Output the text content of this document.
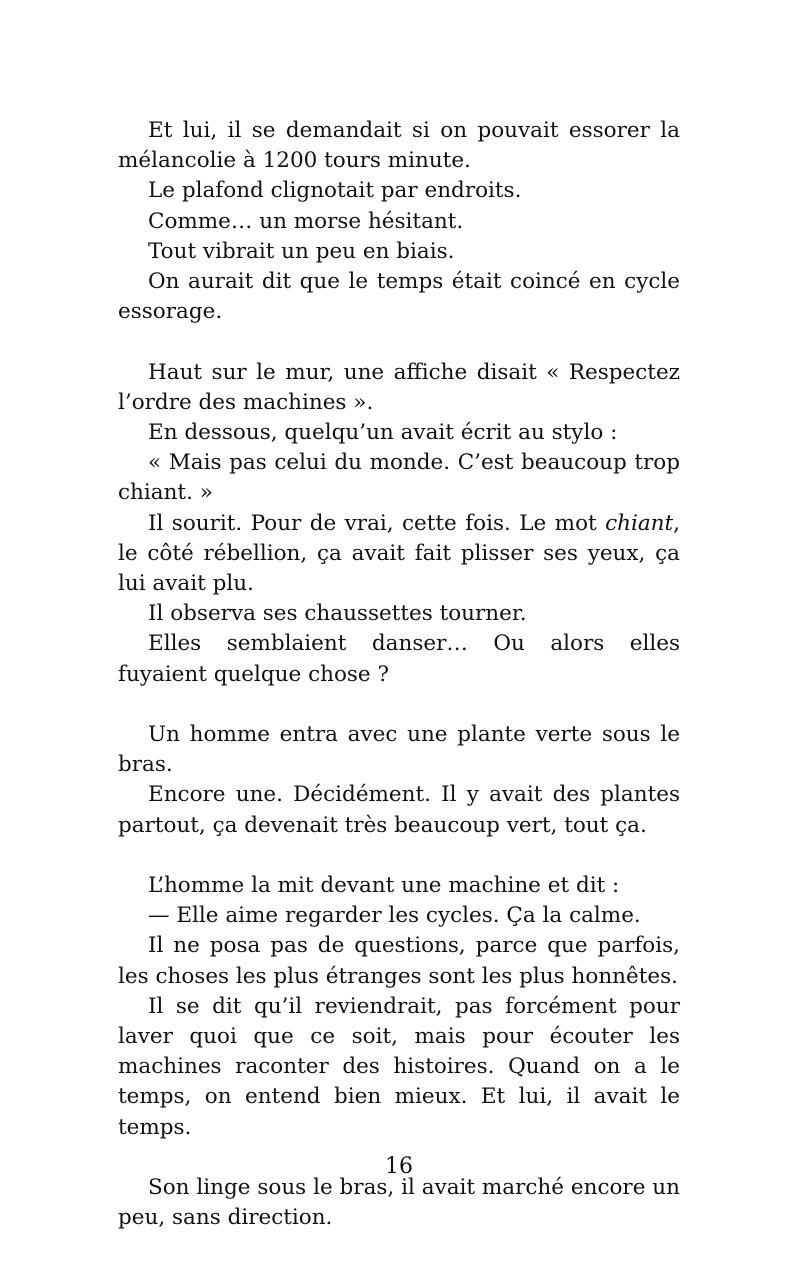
Et lui, il se demandait si on pouvait essorer la mélancolie à 1200 tours minute.

Le plafond clignotait par endroits.

Comme… un morse hésitant.

Tout vibrait un peu en biais.

On aurait dit que le temps était coincé en cycle essorage.

Haut sur le mur, une affiche disait « Respectez l’ordre des machines ».

En dessous, quelqu’un avait écrit au stylo :

« Mais pas celui du monde. C’est beaucoup trop chiant. »

Il sourit. Pour de vrai, cette fois. Le mot chiant, le côté rébellion, ça avait fait plisser ses yeux, ça lui avait plu.

Il observa ses chaussettes tourner.

Elles semblaient danser… Ou alors elles fuyaient quelque chose ?

Un homme entra avec une plante verte sous le bras.

Encore une. Décidément. Il y avait des plantes partout, ça devenait très beaucoup vert, tout ça.

L’homme la mit devant une machine et dit :

— Elle aime regarder les cycles. Ça la calme.

Il ne posa pas de questions, parce que parfois, les choses les plus étranges sont les plus honnêtes.

Il se dit qu’il reviendrait, pas forcément pour laver quoi que ce soit, mais pour écouter les machines raconter des histoires. Quand on a le temps, on entend bien mieux. Et lui, il avait le temps.

Son linge sous le bras, il avait marché encore un peu, sans direction.

16
